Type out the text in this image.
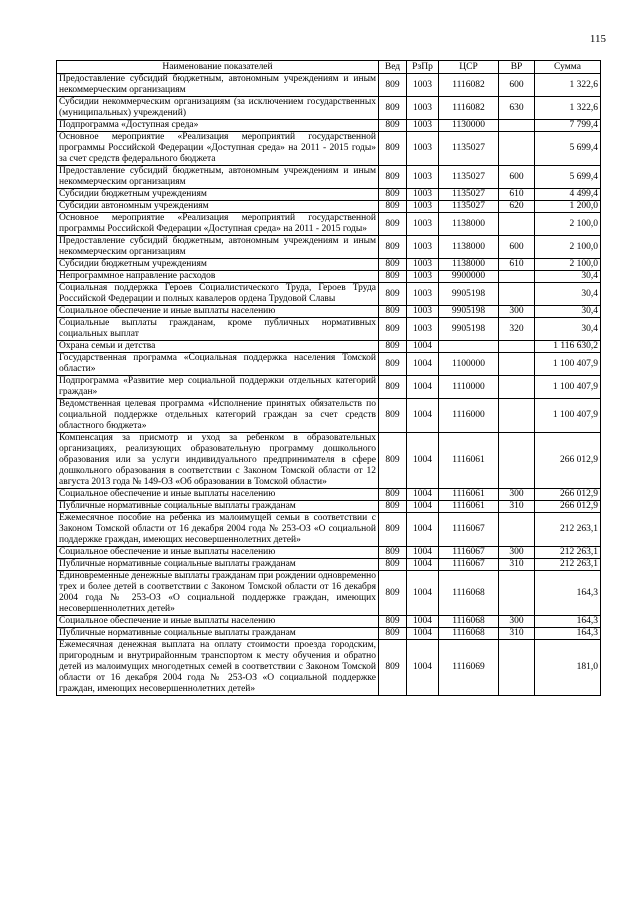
115
Наименование показателей	Вед	РзПр	ЦСР	ВР	Сумма
Предоставление субсидий бюджетным, автономным учреждениям и иным некоммерческим организациям	809	1003	1116082	600	1 322,6
Субсидии некоммерческим организациям (за исключением государственных (муниципальных) учреждений)	809	1003	1116082	630	1 322,6
Подпрограмма «Доступная среда»	809	1003	1130000		7 799,4
Основное мероприятие «Реализация мероприятий государственной программы Российской Федерации «Доступная среда» на 2011 - 2015 годы» за счет средств федерального бюджета	809	1003	1135027		5 699,4
Предоставление субсидий бюджетным, автономным учреждениям и иным некоммерческим организациям	809	1003	1135027	600	5 699,4
Субсидии бюджетным учреждениям	809	1003	1135027	610	4 499,4
Субсидии автономным учреждениям	809	1003	1135027	620	1 200,0
Основное мероприятие «Реализация мероприятий государственной программы Российской Федерации «Доступная среда» на 2011 - 2015 годы»	809	1003	1138000		2 100,0
Предоставление субсидий бюджетным, автономным учреждениям и иным некоммерческим организациям	809	1003	1138000	600	2 100,0
Субсидии бюджетным учреждениям	809	1003	1138000	610	2 100,0
Непрограммное направление расходов	809	1003	9900000		30,4
Социальная поддержка Героев Социалистического Труда, Героев Труда Российской Федерации и полных кавалеров ордена Трудовой Славы	809	1003	9905198		30,4
Социальное обеспечение и иные выплаты населению	809	1003	9905198	300	30,4
Социальные выплаты гражданам, кроме публичных нормативных социальных выплат	809	1003	9905198	320	30,4
Охрана семьи и детства	809	1004			1 116 630,2
Государственная программа «Социальная поддержка населения Томской области»	809	1004	1100000		1 100 407,9
Подпрограмма «Развитие мер социальной поддержки отдельных категорий граждан»	809	1004	1110000		1 100 407,9
Ведомственная целевая программа «Исполнение принятых обязательств по социальной поддержке отдельных категорий граждан за счет средств областного бюджета»	809	1004	1116000		1 100 407,9
Компенсация за присмотр и уход за ребенком в образовательных организациях, реализующих образовательную программу дошкольного образования или за услуги индивидуального предпринимателя в сфере дошкольного образования в соответствии с Законом Томской области от 12 августа 2013 года № 149-ОЗ «Об образовании в Томской области»	809	1004	1116061		266 012,9
Социальное обеспечение и иные выплаты населению	809	1004	1116061	300	266 012,9
Публичные нормативные социальные выплаты гражданам	809	1004	1116061	310	266 012,9
Ежемесячное пособие на ребенка из малоимущей семьи в соответствии с Законом Томской области от 16 декабря 2004 года № 253-ОЗ «О социальной поддержке граждан, имеющих несовершеннолетних детей»	809	1004	1116067		212 263,1
Социальное обеспечение и иные выплаты населению	809	1004	1116067	300	212 263,1
Публичные нормативные социальные выплаты гражданам	809	1004	1116067	310	212 263,1
Единовременные денежные выплаты гражданам при рождении одновременно трех и более детей в соответствии с Законом Томской области от 16 декабря 2004 года № 253-ОЗ «О социальной поддержке граждан, имеющих несовершеннолетних детей»	809	1004	1116068		164,3
Социальное обеспечение и иные выплаты населению	809	1004	1116068	300	164,3
Публичные нормативные социальные выплаты гражданам	809	1004	1116068	310	164,3
Ежемесячная денежная выплата на оплату стоимости проезда городским, пригородным и внутрирайонным транспортом к месту обучения и обратно детей из малоимущих многодетных семей в соответствии с Законом Томской области от 16 декабря 2004 года № 253-ОЗ «О социальной поддержке граждан, имеющих несовершеннолетних детей»	809	1004	1116069		181,0
